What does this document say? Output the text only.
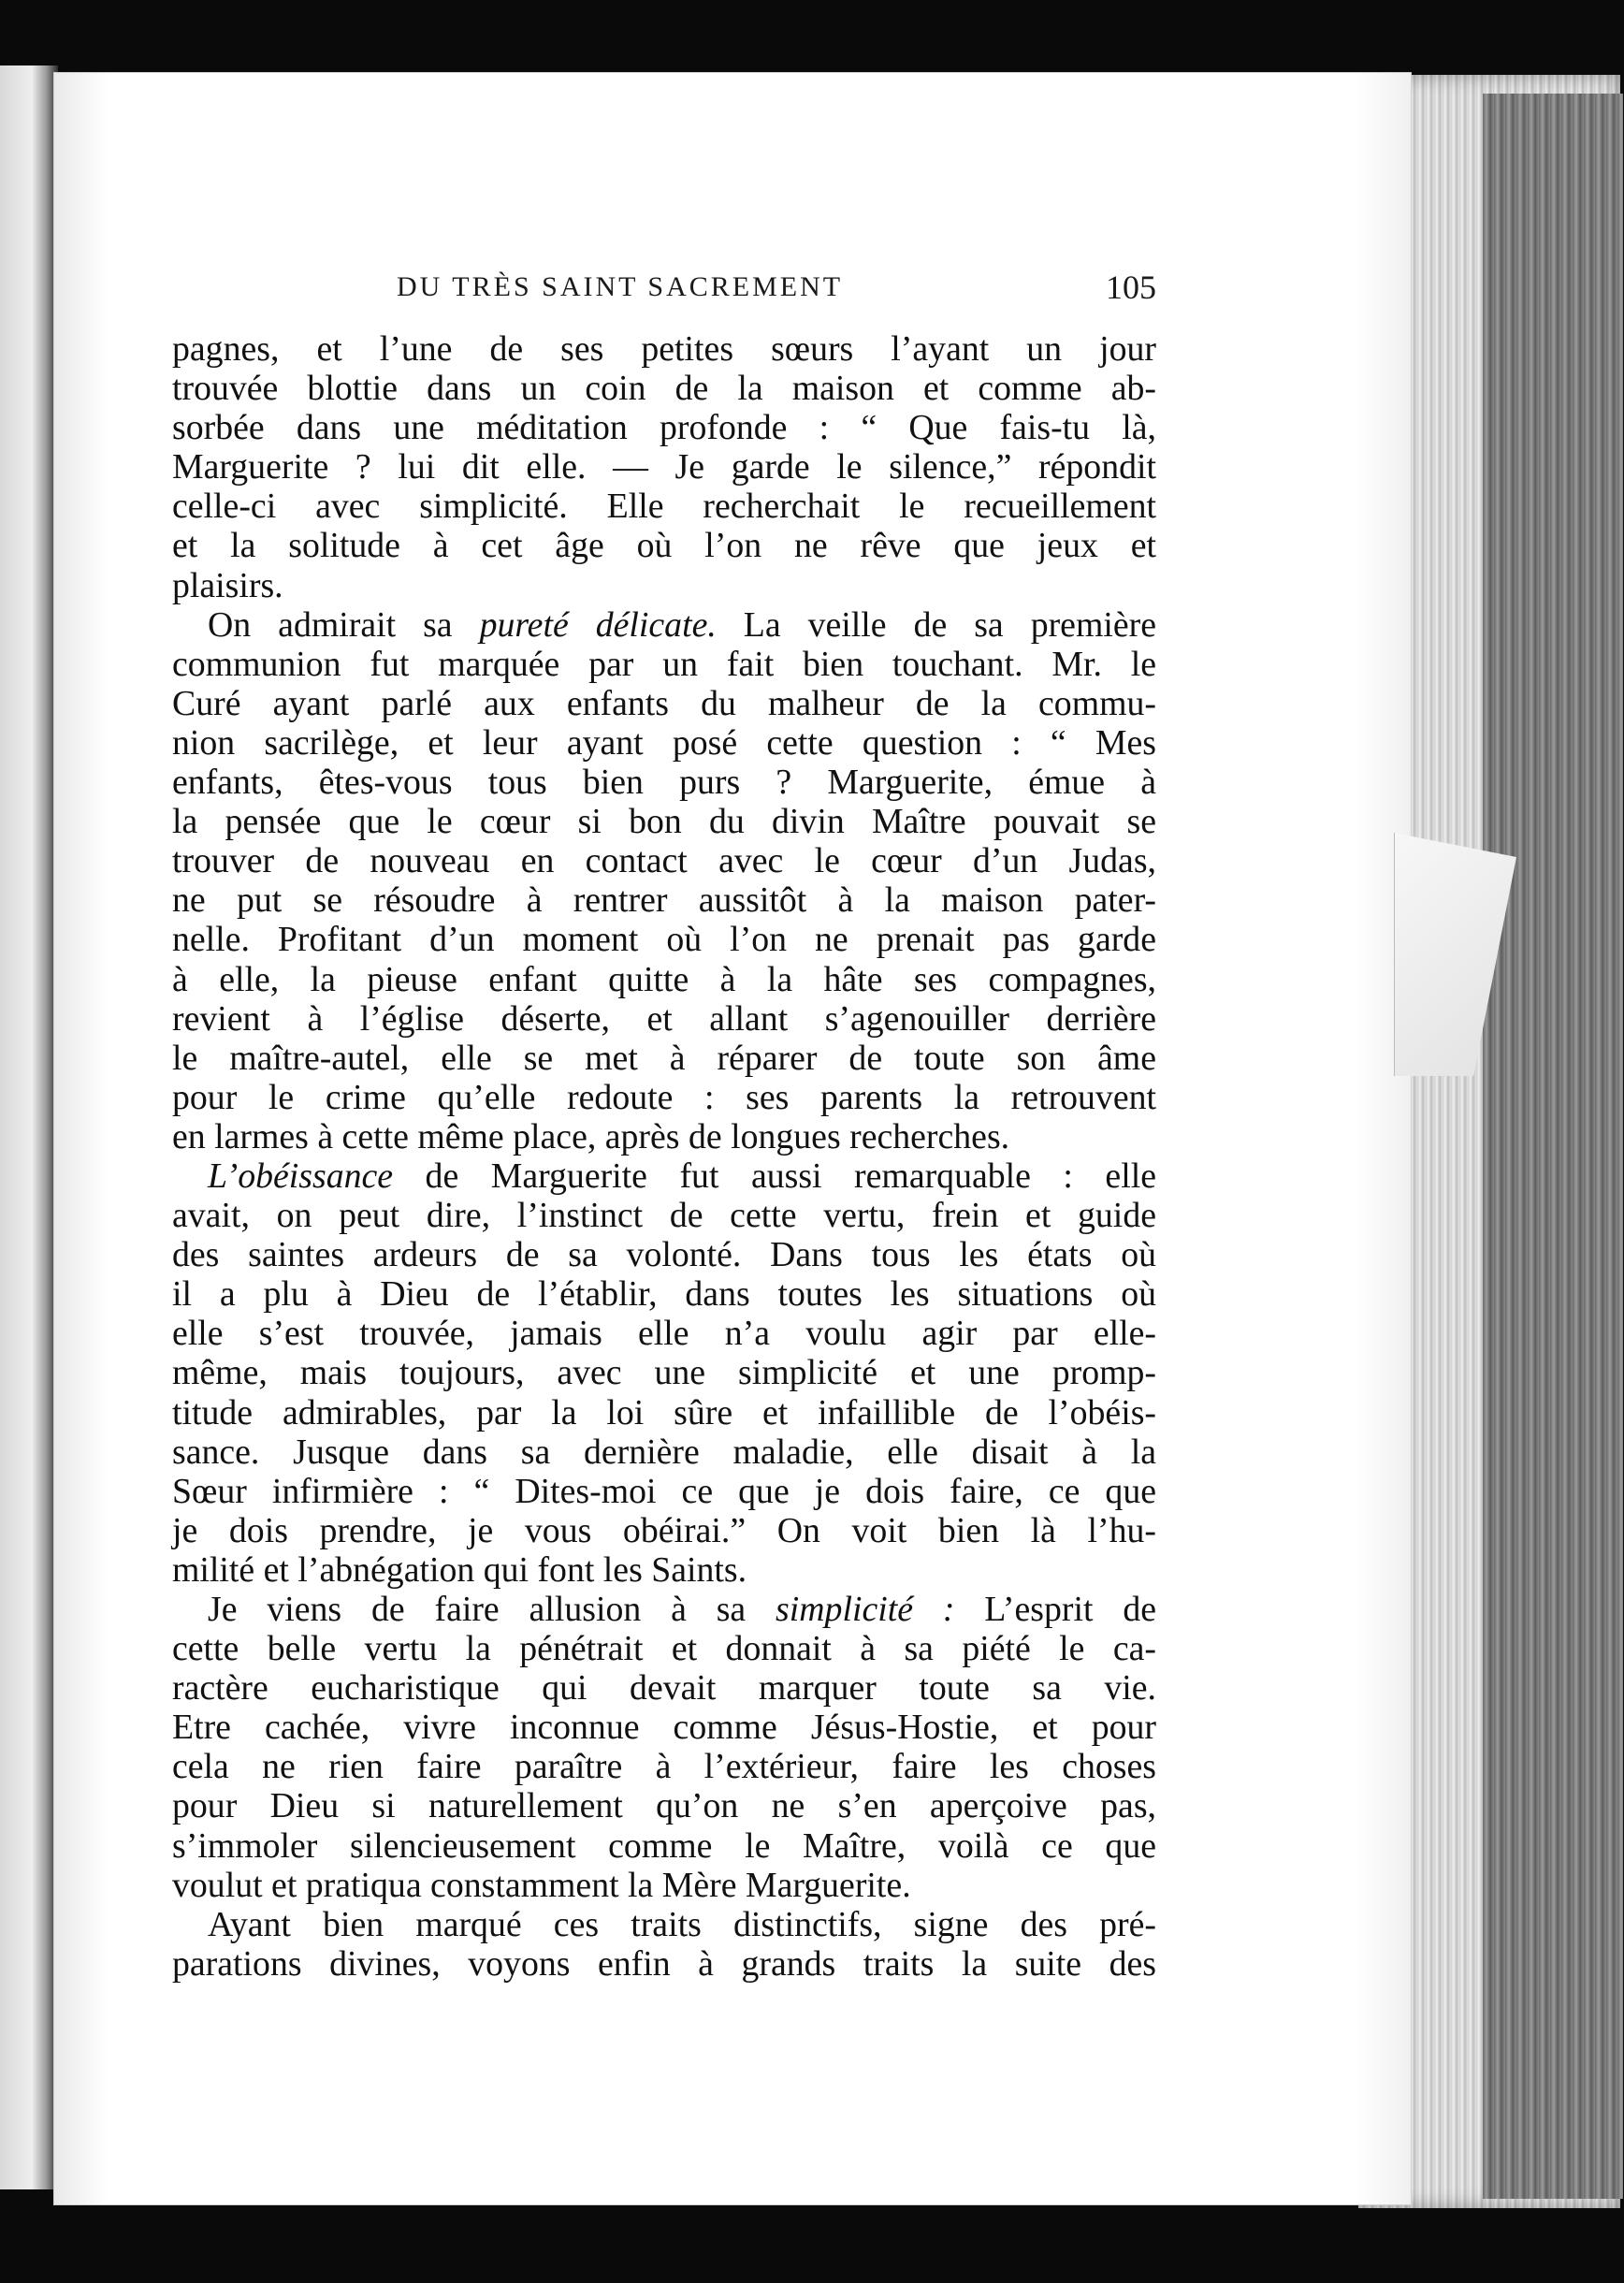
DU TRÈS SAINT SACREMENT	105
pagnes, et l’une de ses petites sœurs l’ayant un jour
trouvée blottie dans un coin de la maison et comme ab-
sorbée dans une méditation profonde : “ Que fais-tu là,
Marguerite ? lui dit elle. — Je garde le silence,” répondit
celle-ci avec simplicité. Elle recherchait le recueillement
et la solitude à cet âge où l’on ne rêve que jeux et
plaisirs.
On admirait sa pureté délicate. La veille de sa première
communion fut marquée par un fait bien touchant. Mr. le
Curé ayant parlé aux enfants du malheur de la commu-
nion sacrilège, et leur ayant posé cette question : “ Mes
enfants, êtes-vous tous bien purs ? Marguerite, émue à
la pensée que le cœur si bon du divin Maître pouvait se
trouver de nouveau en contact avec le cœur d’un Judas,
ne put se résoudre à rentrer aussitôt à la maison pater-
nelle. Profitant d’un moment où l’on ne prenait pas garde
à elle, la pieuse enfant quitte à la hâte ses compagnes,
revient à l’église déserte, et allant s’agenouiller derrière
le maître-autel, elle se met à réparer de toute son âme
pour le crime qu’elle redoute : ses parents la retrouvent
en larmes à cette même place, après de longues recherches.
L’obéissance de Marguerite fut aussi remarquable : elle
avait, on peut dire, l’instinct de cette vertu, frein et guide
des saintes ardeurs de sa volonté. Dans tous les états où
il a plu à Dieu de l’établir, dans toutes les situations où
elle s’est trouvée, jamais elle n’a voulu agir par elle-
même, mais toujours, avec une simplicité et une promp-
titude admirables, par la loi sûre et infaillible de l’obéis-
sance. Jusque dans sa dernière maladie, elle disait à la
Sœur infirmière : “ Dites-moi ce que je dois faire, ce que
je dois prendre, je vous obéirai.” On voit bien là l’hu-
milité et l’abnégation qui font les Saints.
Je viens de faire allusion à sa simplicité : L’esprit de
cette belle vertu la pénétrait et donnait à sa piété le ca-
ractère eucharistique qui devait marquer toute sa vie.
Etre cachée, vivre inconnue comme Jésus-Hostie, et pour
cela ne rien faire paraître à l’extérieur, faire les choses
pour Dieu si naturellement qu’on ne s’en aperçoive pas,
s’immoler silencieusement comme le Maître, voilà ce que
voulut et pratiqua constamment la Mère Marguerite.
Ayant bien marqué ces traits distinctifs, signe des pré-
parations divines, voyons enfin à grands traits la suite des
